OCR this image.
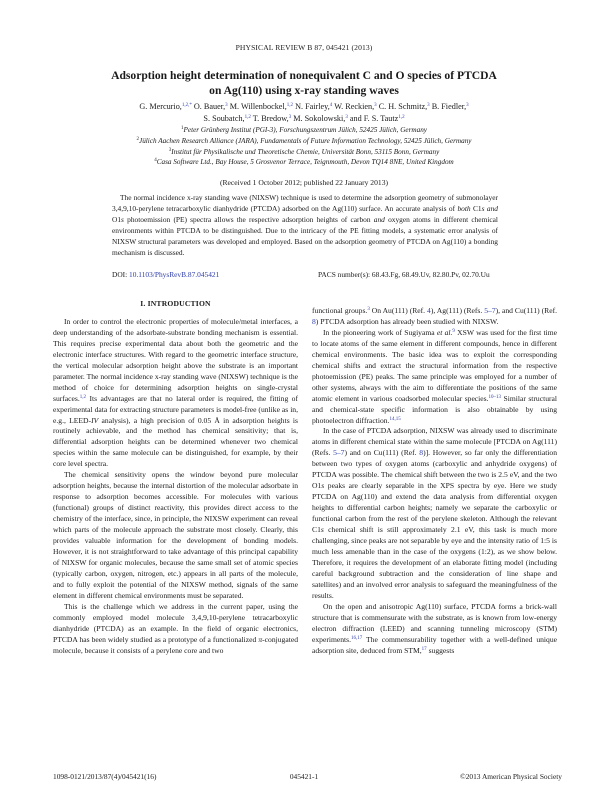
PHYSICAL REVIEW B 87, 045421 (2013)
Adsorption height determination of nonequivalent C and O species of PTCDA
on Ag(110) using x-ray standing waves
G. Mercurio,$^{1,2,*}$ O. Bauer,$^3$ M. Willenbockel,$^{1,2}$ N. Fairley,$^4$ W. Reckien,$^3$ C. H. Schmitz,$^3$ B. Fiedler,$^3$
S. Soubatch,$^{1,2}$ T. Bredow,$^3$ M. Sokolowski,$^3$ and F. S. Tautz$^{1,2}$
$^1$Peter Grünberg Institut (PGI-3), Forschungszentrum Jülich, 52425 Jülich, Germany
$^2$Jülich Aachen Research Alliance (JARA), Fundamentals of Future Information Technology, 52425 Jülich, Germany
$^3$Institut für Physikalische und Theoretische Chemie, Universität Bonn, 53115 Bonn, Germany
$^4$Casa Software Ltd., Bay House, 5 Grosvenor Terrace, Teignmouth, Devon TQ14 8NE, United Kingdom
(Received 1 October 2012; published 22 January 2013)
The normal incidence x-ray standing wave (NIXSW) technique is used to determine the adsorption geometry of submonolayer 3,4,9,10-perylene tetracarboxylic dianhydride (PTCDA) adsorbed on the Ag(110) surface. An accurate analysis of both C1s and O1s photoemission (PE) spectra allows the respective adsorption heights of carbon and oxygen atoms in different chemical environments within PTCDA to be distinguished. Due to the intricacy of the PE fitting models, a systematic error analysis of NIXSW structural parameters was developed and employed. Based on the adsorption geometry of PTCDA on Ag(110) a bonding mechanism is discussed.
DOI: 10.1103/PhysRevB.87.045421	PACS number(s): 68.43.Fg, 68.49.Uv, 82.80.Pv, 02.70.Uu
I. INTRODUCTION

In order to control the electronic properties of molecule/metal interfaces, a deep understanding of the adsorbate-substrate bonding mechanism is essential. This requires precise experimental data about both the geometric and the electronic interface structures. With regard to the geometric interface structure, the vertical molecular adsorption height above the substrate is an important parameter. The normal incidence x-ray standing wave (NIXSW) technique is the method of choice for determining adsorption heights on single-crystal surfaces.$^{1,2}$ Its advantages are that no lateral order is required, the fitting of experimental data for extracting structure parameters is model-free (unlike as in, e.g., LEED-IV analysis), a high precision of 0.05 Å in adsorption heights is routinely achievable, and the method has chemical sensitivity; that is, differential adsorption heights can be determined whenever two chemical species within the same molecule can be distinguished, for example, by their core level spectra.

The chemical sensitivity opens the window beyond pure molecular adsorption heights, because the internal distortion of the molecular adsorbate in response to adsorption becomes accessible. For molecules with various (functional) groups of distinct reactivity, this provides direct access to the chemistry of the interface, since, in principle, the NIXSW experiment can reveal which parts of the molecule approach the substrate most closely. Clearly, this provides valuable information for the development of bonding models. However, it is not straightforward to take advantage of this principal capability of NIXSW for organic molecules, because the same small set of atomic species (typically carbon, oxygen, nitrogen, etc.) appears in all parts of the molecule, and to fully exploit the potential of the NIXSW method, signals of the same element in different chemical environments must be separated.

This is the challenge which we address in the current paper, using the commonly employed model molecule 3,4,9,10-perylene tetracarboxylic dianhydride (PTCDA) as an example. In the field of organic electronics, PTCDA has been widely studied as a prototype of a functionalized π-conjugated molecule, because it consists of a perylene core and two

functional groups.$^3$ On Au(111) (Ref. 4), Ag(111) (Refs. 5–7), and Cu(111) (Ref. 8) PTCDA adsorption has already been studied with NIXSW.

In the pioneering work of Sugiyama et al.$^9$ XSW was used for the first time to locate atoms of the same element in different compounds, hence in different chemical environments. The basic idea was to exploit the corresponding chemical shifts and extract the structural information from the respective photoemission (PE) peaks. The same principle was employed for a number of other systems, always with the aim to differentiate the positions of the same atomic element in various coadsorbed molecular species.$^{10-13}$ Similar structural and chemical-state specific information is also obtainable by using photoelectron diffraction.$^{14,15}$

In the case of PTCDA adsorption, NIXSW was already used to discriminate atoms in different chemical state within the same molecule [PTCDA on Ag(111) (Refs. 5–7) and on Cu(111) (Ref. 8)]. However, so far only the differentiation between two types of oxygen atoms (carboxylic and anhydride oxygens) of PTCDA was possible. The chemical shift between the two is 2.5 eV, and the two O1s peaks are clearly separable in the XPS spectra by eye. Here we study PTCDA on Ag(110) and extend the data analysis from differential oxygen heights to differential carbon heights; namely we separate the carboxylic or functional carbon from the rest of the perylene skeleton. Although the relevant C1s chemical shift is still approximately 2.1 eV, this task is much more challenging, since peaks are not separable by eye and the intensity ratio of 1:5 is much less amenable than in the case of the oxygens (1:2), as we show below. Therefore, it requires the development of an elaborate fitting model (including careful background subtraction and the consideration of line shape and satellites) and an involved error analysis to safeguard the meaningfulness of the results.

On the open and anisotropic Ag(110) surface, PTCDA forms a brick-wall structure that is commensurate with the substrate, as is known from low-energy electron diffraction (LEED) and scanning tunneling microscopy (STM) experiments.$^{16,17}$ The commensurability together with a well-defined unique adsorption site, deduced from STM,$^{17}$ suggests

1098-0121/2013/87(4)/045421(16)	045421-1	©2013 American Physical Society
